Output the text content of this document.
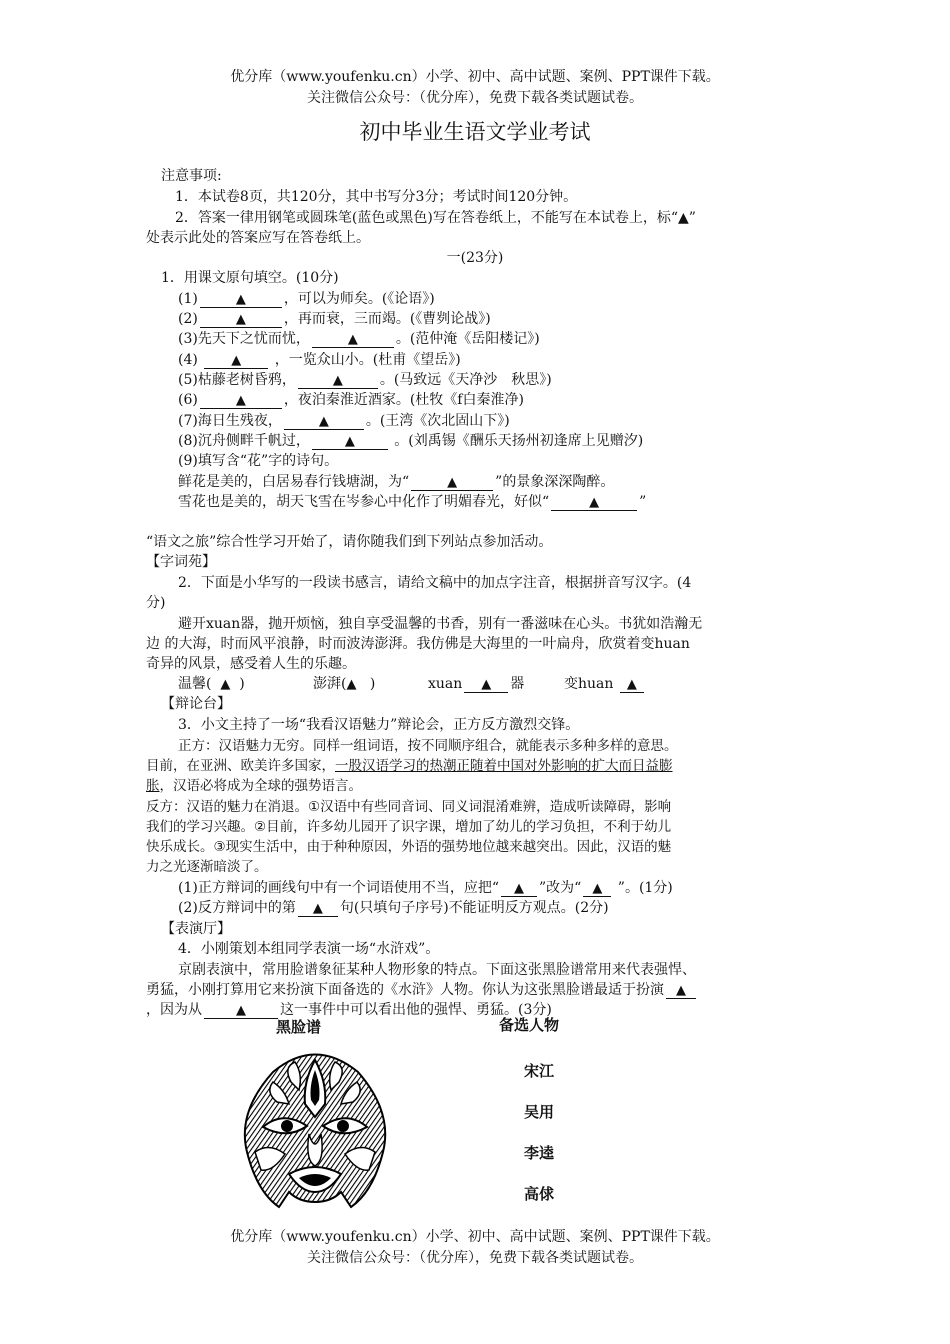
优分库（www.youfenku.cn）小学、初中、高中试题、案例、PPT课件下载。
关注微信公众号：（优分库），免费下载各类试题试卷。
初中毕业生语文学业考试
注意事项:
1．本试卷8页，共120分，其中书写分3分；考试时间120分钟。
2．答案一律用钢笔或圆珠笔(蓝色或黑色)写在答卷纸上，不能写在本试卷上，标“▲”
处表示此处的答案应写在答卷纸上。
一(23分)
1．用课文原句填空。(10分)
(1)	▲	，可以为师矣。(《论语》)
(2)	▲	，再而衰，三而竭。(《曹刿论战》)
(3)先天下之忧而忧，	▲	。(范仲淹《岳阳楼记》)
(4)	▲ ，一览众山小。(杜甫《望岳》)
(5)枯藤老树昏鸦，	▲	。(马致远《天净沙　秋思》)
(6)	▲	，夜泊秦淮近酒家。(杜牧《f白秦淮净)
(7)海日生残夜，	▲	。(王湾《次北固山下》)
(8)沉舟侧畔千帆过，	▲	。(刘禹锡《酬乐天扬州初逢席上见赠汐)
(9)填写含“花”字的诗句。
鲜花是美的，白居易春行钱塘湖，为“	▲	”的景象深深陶醉。
雪花也是美的，胡天飞雪在岑参心中化作了明媚春光，好似“	▲	”
“语文之旅”综合性学习开始了，请你随我们到下列站点参加活动。
【字词苑】
2．下面是小华写的一段读书感言，请给文稿中的加点字注音，根据拼音写汉字。(4
分)
避开xuan器，抛开烦恼，独自享受温馨的书香，别有一番滋味在心头。书犹如浩瀚无
边 的大海，时而风平浪静，时而波涛澎湃。我仿佛是大海里的一叶扁舟，欣赏着变huan
奇异的风景，感受着人生的乐趣。
温馨( ▲ )	澎湃(▲ )	xuan ▲ 器	变huan ▲
【辩论台】
3．小文主持了一场“我看汉语魅力”辩论会，正方反方激烈交锋。
正方：汉语魅力无穷。同样一组词语，按不同顺序组合，就能表示多种多样的意思。
目前，在亚洲、欧美许多国家，一股汉语学习的热潮正随着中国对外影响的扩大而日益膨
胀，汉语必将成为全球的强势语言。
反方：汉语的魅力在消退。①汉语中有些同音词、同义词混淆难辨，造成听读障碍，影响
我们的学习兴趣。②目前，许多幼儿园开了识字课，增加了幼儿的学习负担，不利于幼儿
快乐成长。③现实生活中，由于种种原因，外语的强势地位越来越突出。因此，汉语的魅
力之光逐渐暗淡了。
(1)正方辩词的画线句中有一个词语使用不当，应把“ ▲ ”改为“ ▲ ”。(1分)
(2)反方辩词中的第 ▲ 句(只填句子序号)不能证明反方观点。(2分)
【表演厅】
4．小刚策划本组同学表演一场“水浒戏”。
京剧表演中，常用脸谱象征某种人物形象的特点。下面这张黑脸谱常用来代表强悍、
勇猛，小刚打算用它来扮演下面备选的《水浒》人物。你认为这张黑脸谱最适于扮演 ▲
，因为从	▲ 这一事件中可以看出他的强悍、勇猛。(3分)
黑脸谱	备选人物
宋江
吴用
李逵
高俅
优分库（www.youfenku.cn）小学、初中、高中试题、案例、PPT课件下载。
关注微信公众号：（优分库），免费下载各类试题试卷。
